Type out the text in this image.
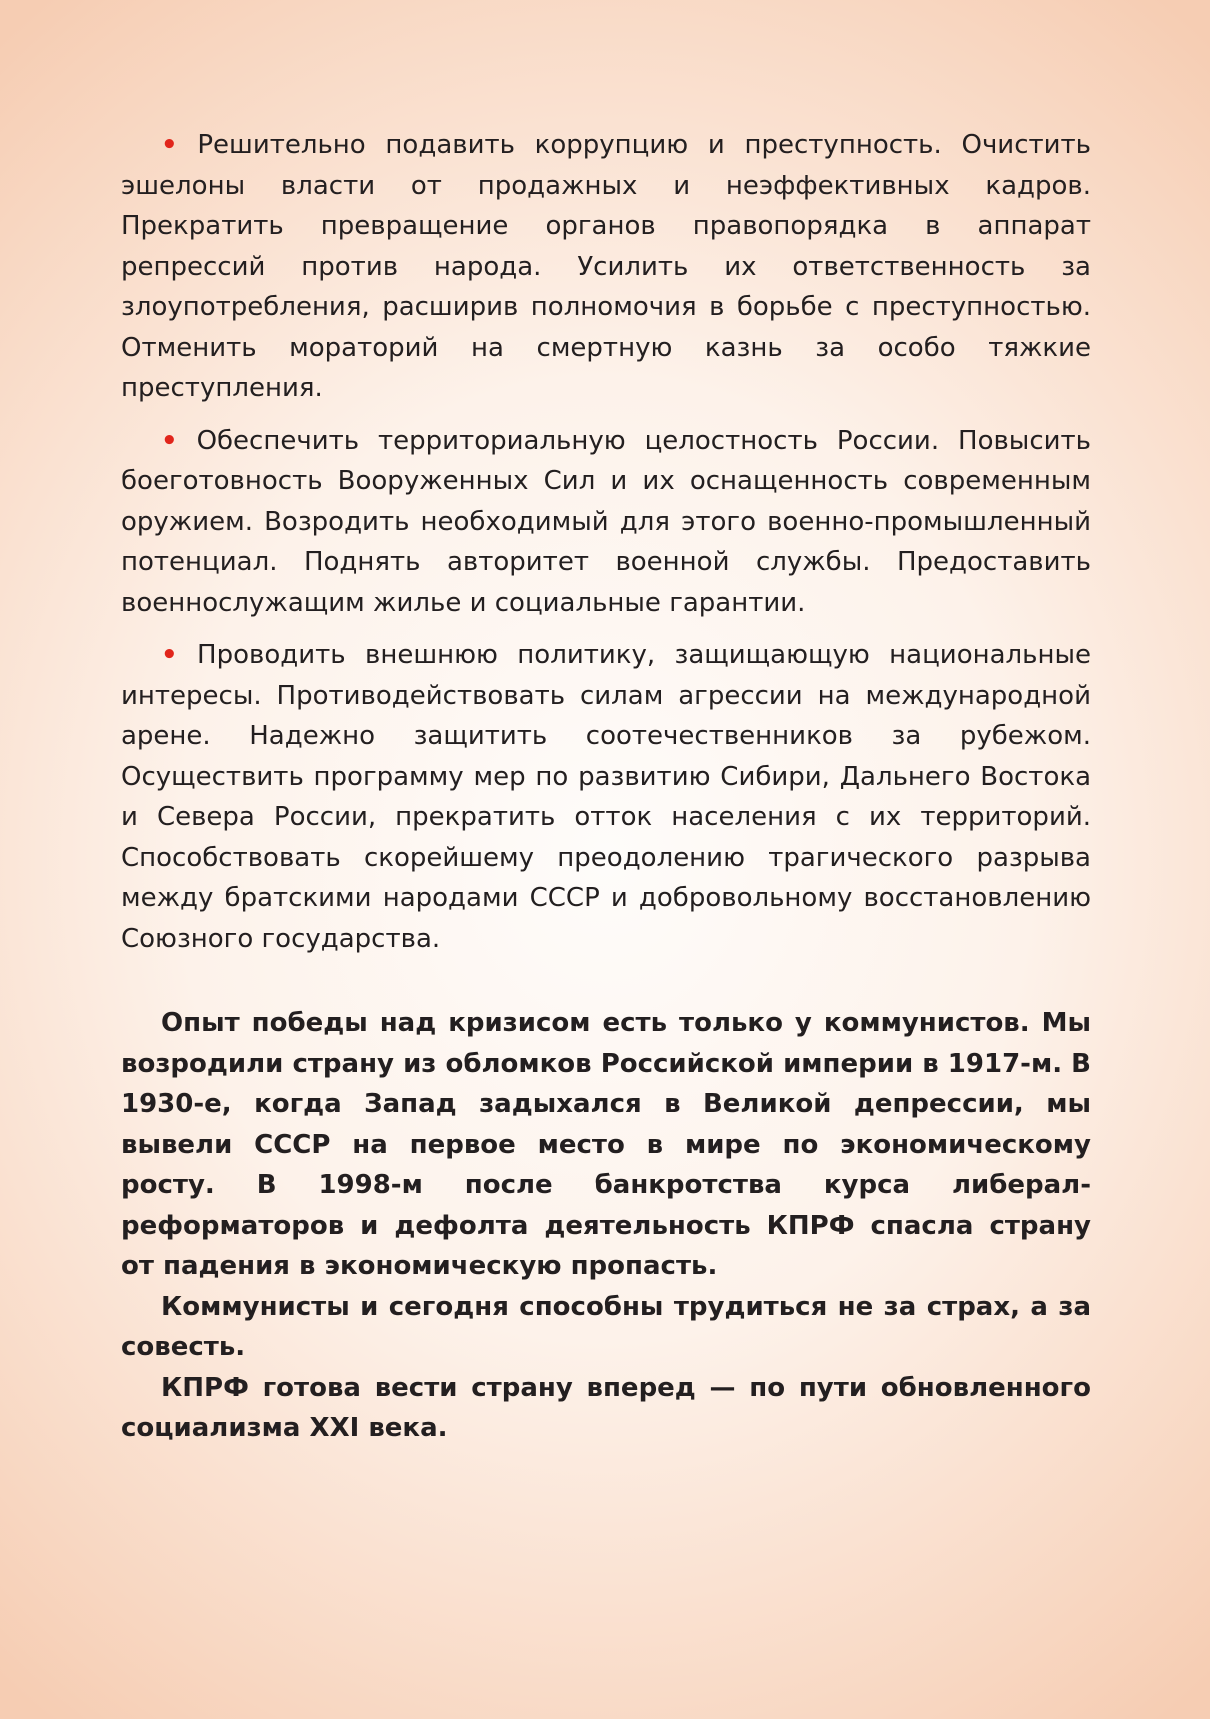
• Решительно подавить коррупцию и преступность. Очистить эшелоны власти от продажных и неэффективных кадров. Прекратить превращение органов правопорядка в аппарат репрессий против народа. Усилить их ответственность за злоупотребления, расширив полномочия в борьбе с преступностью. Отменить мораторий на смертную казнь за особо тяжкие преступления.

• Обеспечить территориальную целостность России. Повысить боеготовность Вооруженных Сил и их оснащенность современным оружием. Возродить необходимый для этого военно-промышленный потенциал. Поднять авторитет военной службы. Предоставить военнослужащим жилье и социальные гарантии.

• Проводить внешнюю политику, защищающую национальные интересы. Противодействовать силам агрессии на международной арене. Надежно защитить соотечественников за рубежом. Осуществить программу мер по развитию Сибири, Дальнего Востока и Севера России, прекратить отток населения с их территорий. Способствовать скорейшему преодолению трагического разрыва между братскими народами СССР и добровольному восстановлению Союзного государства.

Опыт победы над кризисом есть только у коммунистов. Мы возродили страну из обломков Российской империи в 1917-м. В 1930-е, когда Запад задыхался в Великой депрессии, мы вывели СССР на первое место в мире по экономическому росту. В 1998-м после банкротства курса либерал-реформаторов и дефолта деятельность КПРФ спасла страну от падения в экономическую пропасть.

Коммунисты и сегодня способны трудиться не за страх, а за совесть.

КПРФ готова вести страну вперед — по пути обновленного социализма XXI века.
